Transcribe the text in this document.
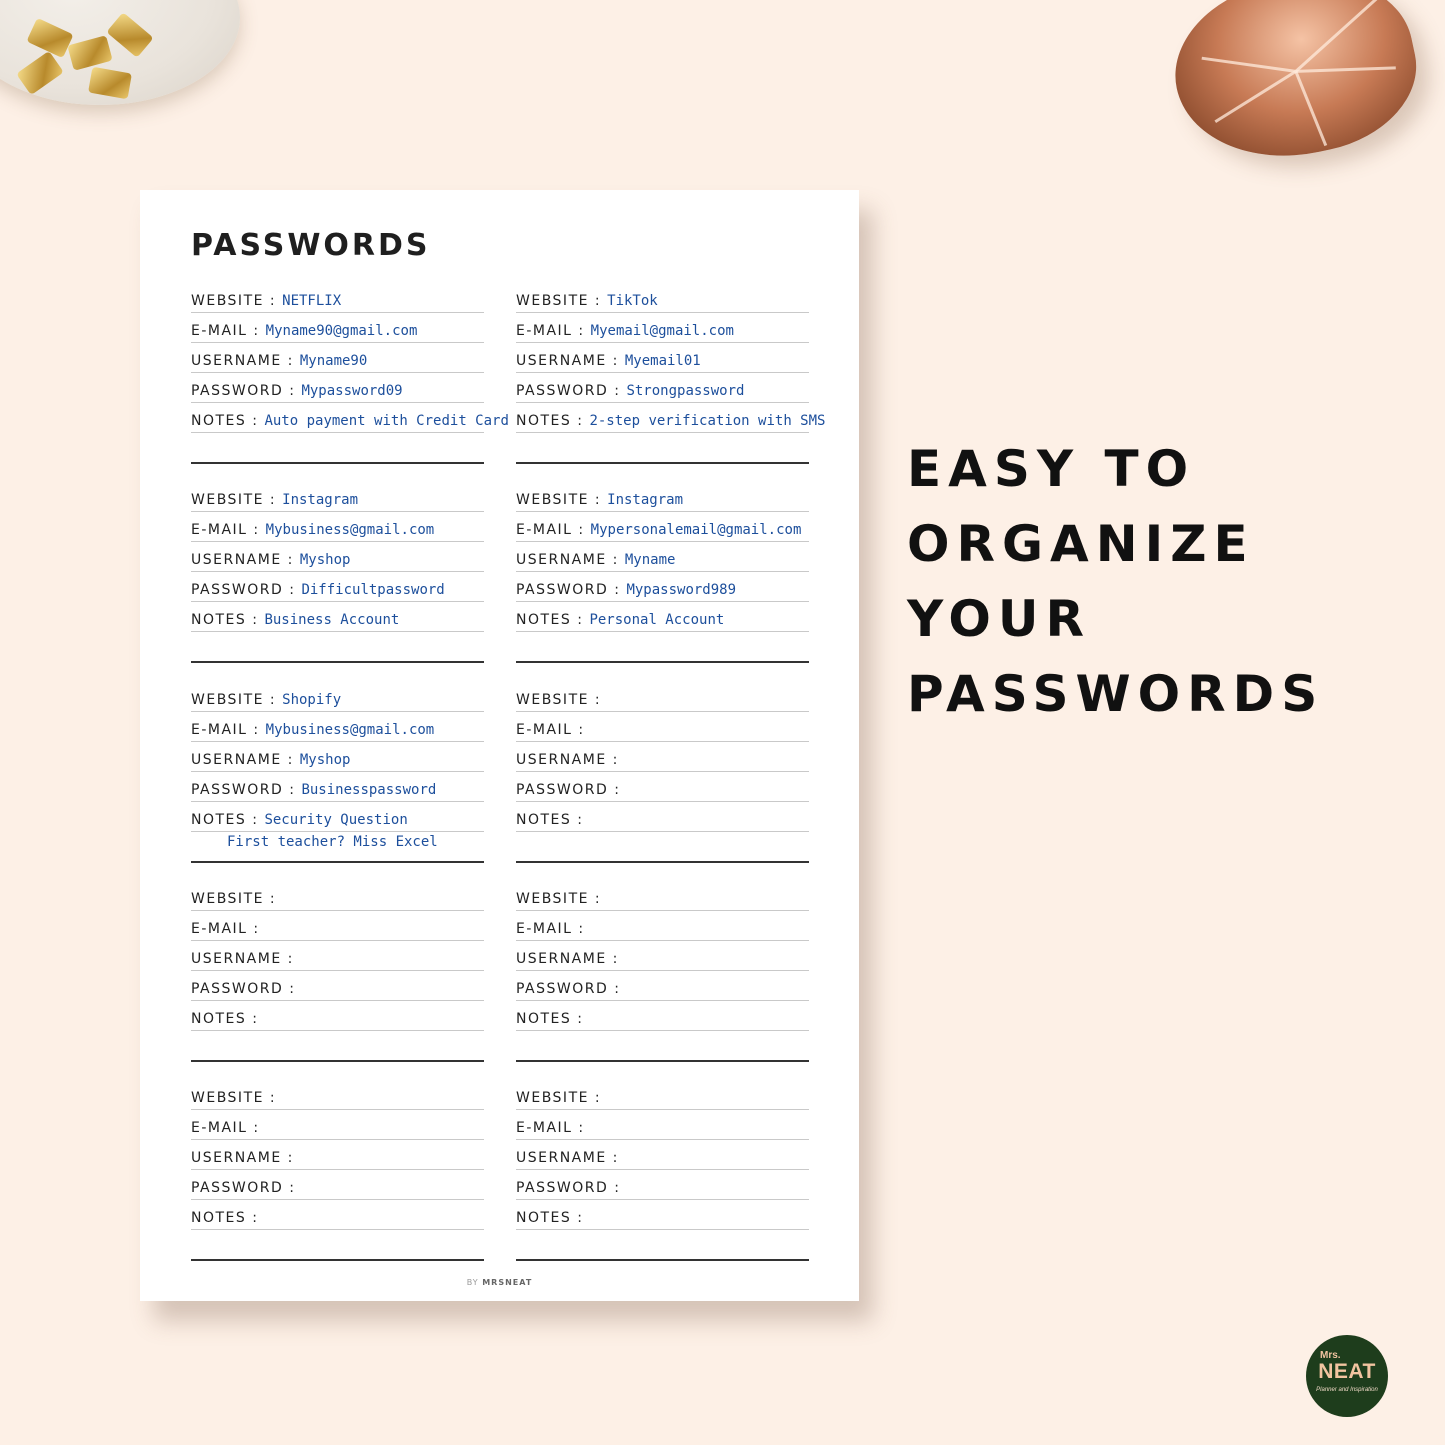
PASSWORDS
WEBSITE : NETFLIX
E-MAIL : Myname90@gmail.com
USERNAME : Myname90
PASSWORD : Mypassword09
NOTES : Auto payment with Credit Card
WEBSITE : TikTok
E-MAIL : Myemail@gmail.com
USERNAME : Myemail01
PASSWORD : Strongpassword
NOTES : 2-step verification with SMS
WEBSITE : Instagram
E-MAIL : Mybusiness@gmail.com
USERNAME : Myshop
PASSWORD : Difficultpassword
NOTES : Business Account
WEBSITE : Instagram
E-MAIL : Mypersonalemail@gmail.com
USERNAME : Myname
PASSWORD : Mypassword989
NOTES : Personal Account
WEBSITE : Shopify
E-MAIL : Mybusiness@gmail.com
USERNAME : Myshop
PASSWORD : Businesspassword
NOTES : Security Question
First teacher? Miss Excel
WEBSITE :
E-MAIL :
USERNAME :
PASSWORD :
NOTES :
WEBSITE :
E-MAIL :
USERNAME :
PASSWORD :
NOTES :
WEBSITE :
E-MAIL :
USERNAME :
PASSWORD :
NOTES :
WEBSITE :
E-MAIL :
USERNAME :
PASSWORD :
NOTES :
WEBSITE :
E-MAIL :
USERNAME :
PASSWORD :
NOTES :
BY MRSNEAT
EASY TO
ORGANIZE
YOUR
PASSWORDS
Mrs.
NEAT
Planner and Inspiration
